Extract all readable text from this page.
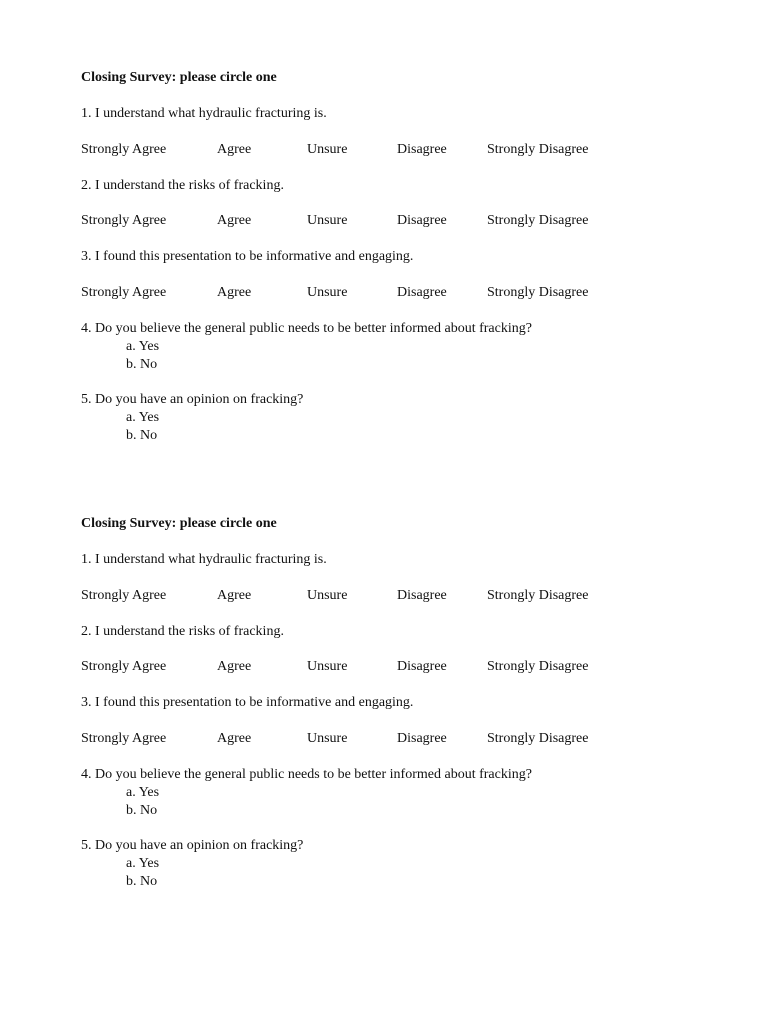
Closing Survey: please circle one
1. I understand what hydraulic fracturing is.
Strongly Agree	Agree	Unsure	Disagree	Strongly Disagree
2. I understand the risks of fracking.
Strongly Agree	Agree	Unsure	Disagree	Strongly Disagree
3. I found this presentation to be informative and engaging.
Strongly Agree	Agree	Unsure	Disagree	Strongly Disagree
4. Do you believe the general public needs to be better informed about fracking?
a. Yes
b. No
5. Do you have an opinion on fracking?
a. Yes
b. No
Closing Survey: please circle one
1. I understand what hydraulic fracturing is.
Strongly Agree	Agree	Unsure	Disagree	Strongly Disagree
2. I understand the risks of fracking.
Strongly Agree	Agree	Unsure	Disagree	Strongly Disagree
3. I found this presentation to be informative and engaging.
Strongly Agree	Agree	Unsure	Disagree	Strongly Disagree
4. Do you believe the general public needs to be better informed about fracking?
a. Yes
b. No
5. Do you have an opinion on fracking?
a. Yes
b. No
